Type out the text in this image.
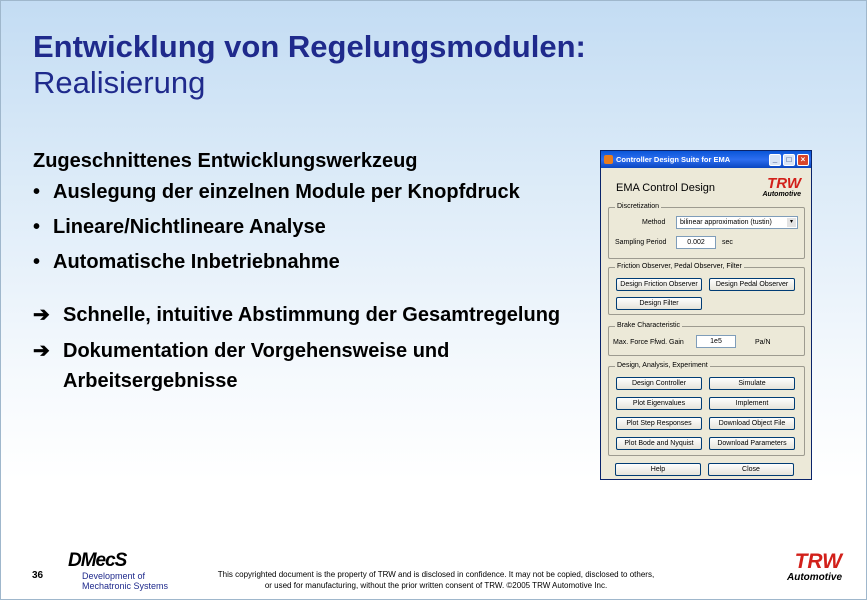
Entwicklung von Regelungsmodulen:
Realisierung
Zugeschnittenes Entwicklungswerkzeug
• Auslegung der einzelnen Module per Knopfdruck
• Lineare/Nichtlineare Analyse
• Automatische Inbetriebnahme
➔ Schnelle, intuitive Abstimmung der Gesamtregelung
➔ Dokumentation der Vorgehensweise und Arbeitsergebnisse
Controller Design Suite for EMA	_	□	×
EMA Control Design	TRW
Automotive
Discretization
Method	bilinear approximation (tustin)	▾
Sampling Period	0.002	sec
Friction Observer, Pedal Observer, Filter
Design Friction Observer	Design Pedal Observer
Design Filter
Brake Characteristic
Max. Force Ffwd. Gain	1e5	Pa/N
Design, Analysis, Experiment
Design Controller	Simulate
Plot Eigenvalues	Implement
Plot Step Responses	Download Object File
Plot Bode and Nyquist	Download Parameters
Help	Close
36
DMecS
Development of
Mechatronic Systems
This copyrighted document is the property of TRW and is disclosed in confidence. It may not be copied, disclosed to others,
or used for manufacturing, without the prior written consent of TRW. ©2005 TRW Automotive Inc.
TRW
Automotive
